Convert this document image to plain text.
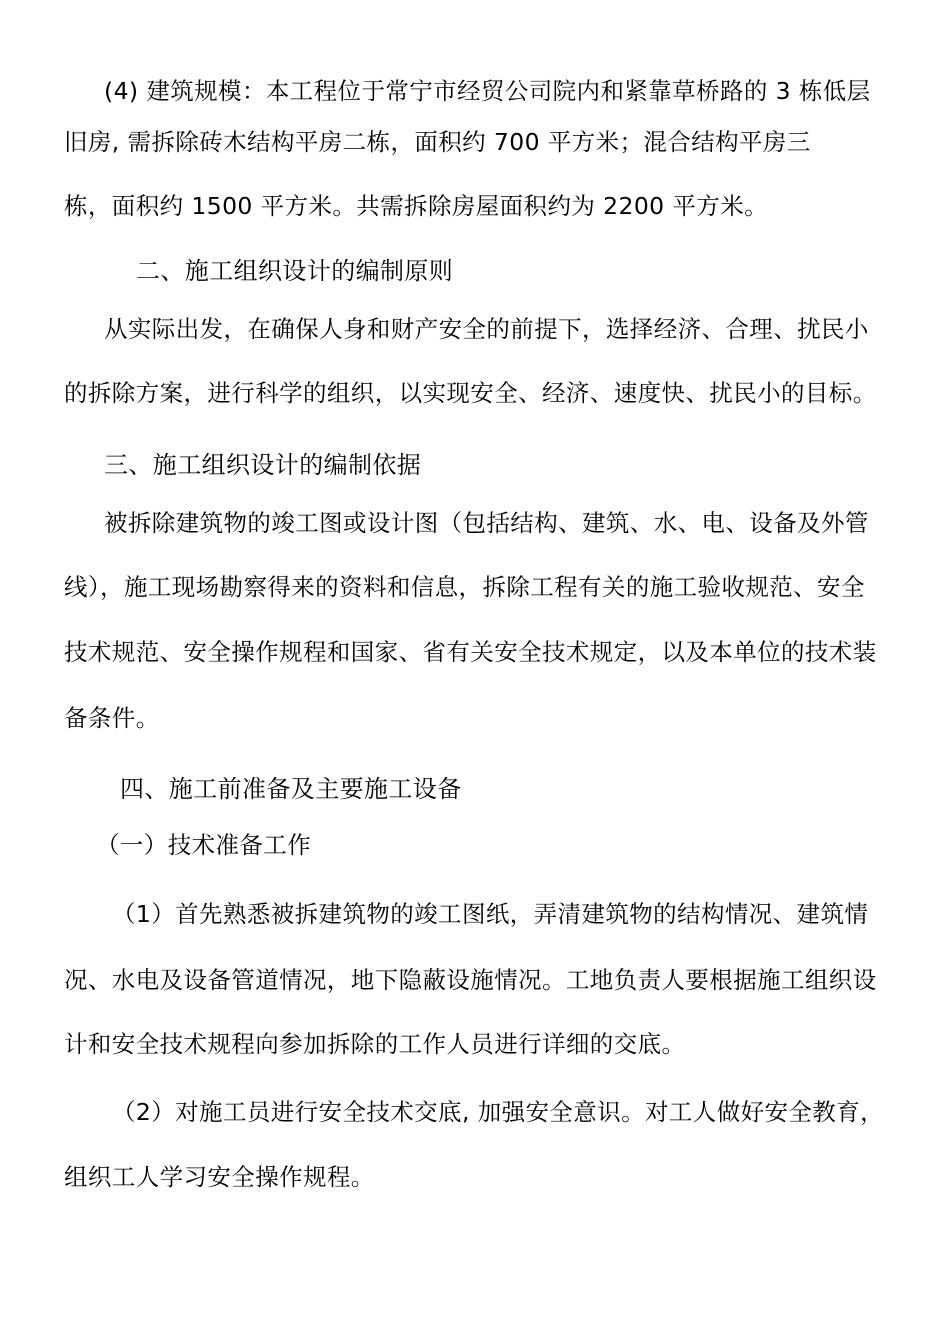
(4) 建筑规模：本工程位于常宁市经贸公司院内和紧靠草桥路的 3 栋低层
旧房, 需拆除砖木结构平房二栋，面积约 700 平方米；混合结构平房三
栋，面积约 1500 平方米。共需拆除房屋面积约为 2200 平方米。
二、施工组织设计的编制原则
从实际出发，在确保人身和财产安全的前提下，选择经济、合理、扰民小
的拆除方案，进行科学的组织，以实现安全、经济、速度快、扰民小的目标。
三、施工组织设计的编制依据
被拆除建筑物的竣工图或设计图（包括结构、建筑、水、电、设备及外管
线），施工现场勘察得来的资料和信息，拆除工程有关的施工验收规范、安全
技术规范、安全操作规程和国家、省有关安全技术规定，以及本单位的技术装
备条件。
四、施工前准备及主要施工设备
（一）技术准备工作
（1）首先熟悉被拆建筑物的竣工图纸，弄清建筑物的结构情况、建筑情
况、水电及设备管道情况，地下隐蔽设施情况。工地负责人要根据施工组织设
计和安全技术规程向参加拆除的工作人员进行详细的交底。
（2）对施工员进行安全技术交底, 加强安全意识。对工人做好安全教育，
组织工人学习安全操作规程。
